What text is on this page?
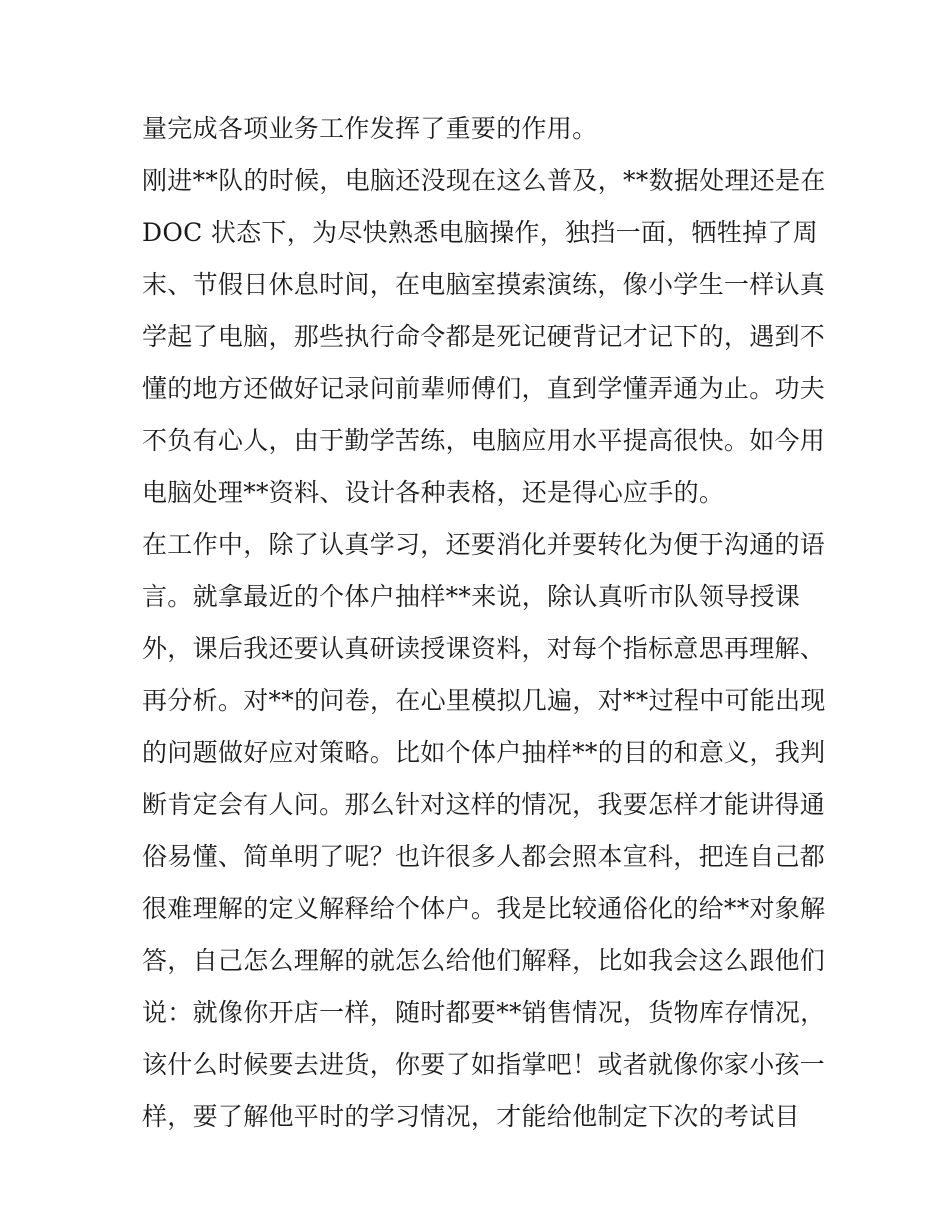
量完成各项业务工作发挥了重要的作用。
刚进**队的时候，电脑还没现在这么普及，**数据处理还是在
DOC 状态下，为尽快熟悉电脑操作，独挡一面，牺牲掉了周
末、节假日休息时间，在电脑室摸索演练，像小学生一样认真
学起了电脑，那些执行命令都是死记硬背记才记下的，遇到不
懂的地方还做好记录问前辈师傅们，直到学懂弄通为止。功夫
不负有心人，由于勤学苦练，电脑应用水平提高很快。如今用
电脑处理**资料、设计各种表格，还是得心应手的。
在工作中，除了认真学习，还要消化并要转化为便于沟通的语
言。就拿最近的个体户抽样**来说，除认真听市队领导授课
外，课后我还要认真研读授课资料，对每个指标意思再理解、
再分析。对**的问卷，在心里模拟几遍，对**过程中可能出现
的问题做好应对策略。比如个体户抽样**的目的和意义，我判
断肯定会有人问。那么针对这样的情况，我要怎样才能讲得通
俗易懂、简单明了呢？也许很多人都会照本宣科，把连自己都
很难理解的定义解释给个体户。我是比较通俗化的给**对象解
答，自己怎么理解的就怎么给他们解释，比如我会这么跟他们
说：就像你开店一样，随时都要**销售情况，货物库存情况，
该什么时候要去进货，你要了如指掌吧！或者就像你家小孩一
样，要了解他平时的学习情况，才能给他制定下次的考试目
